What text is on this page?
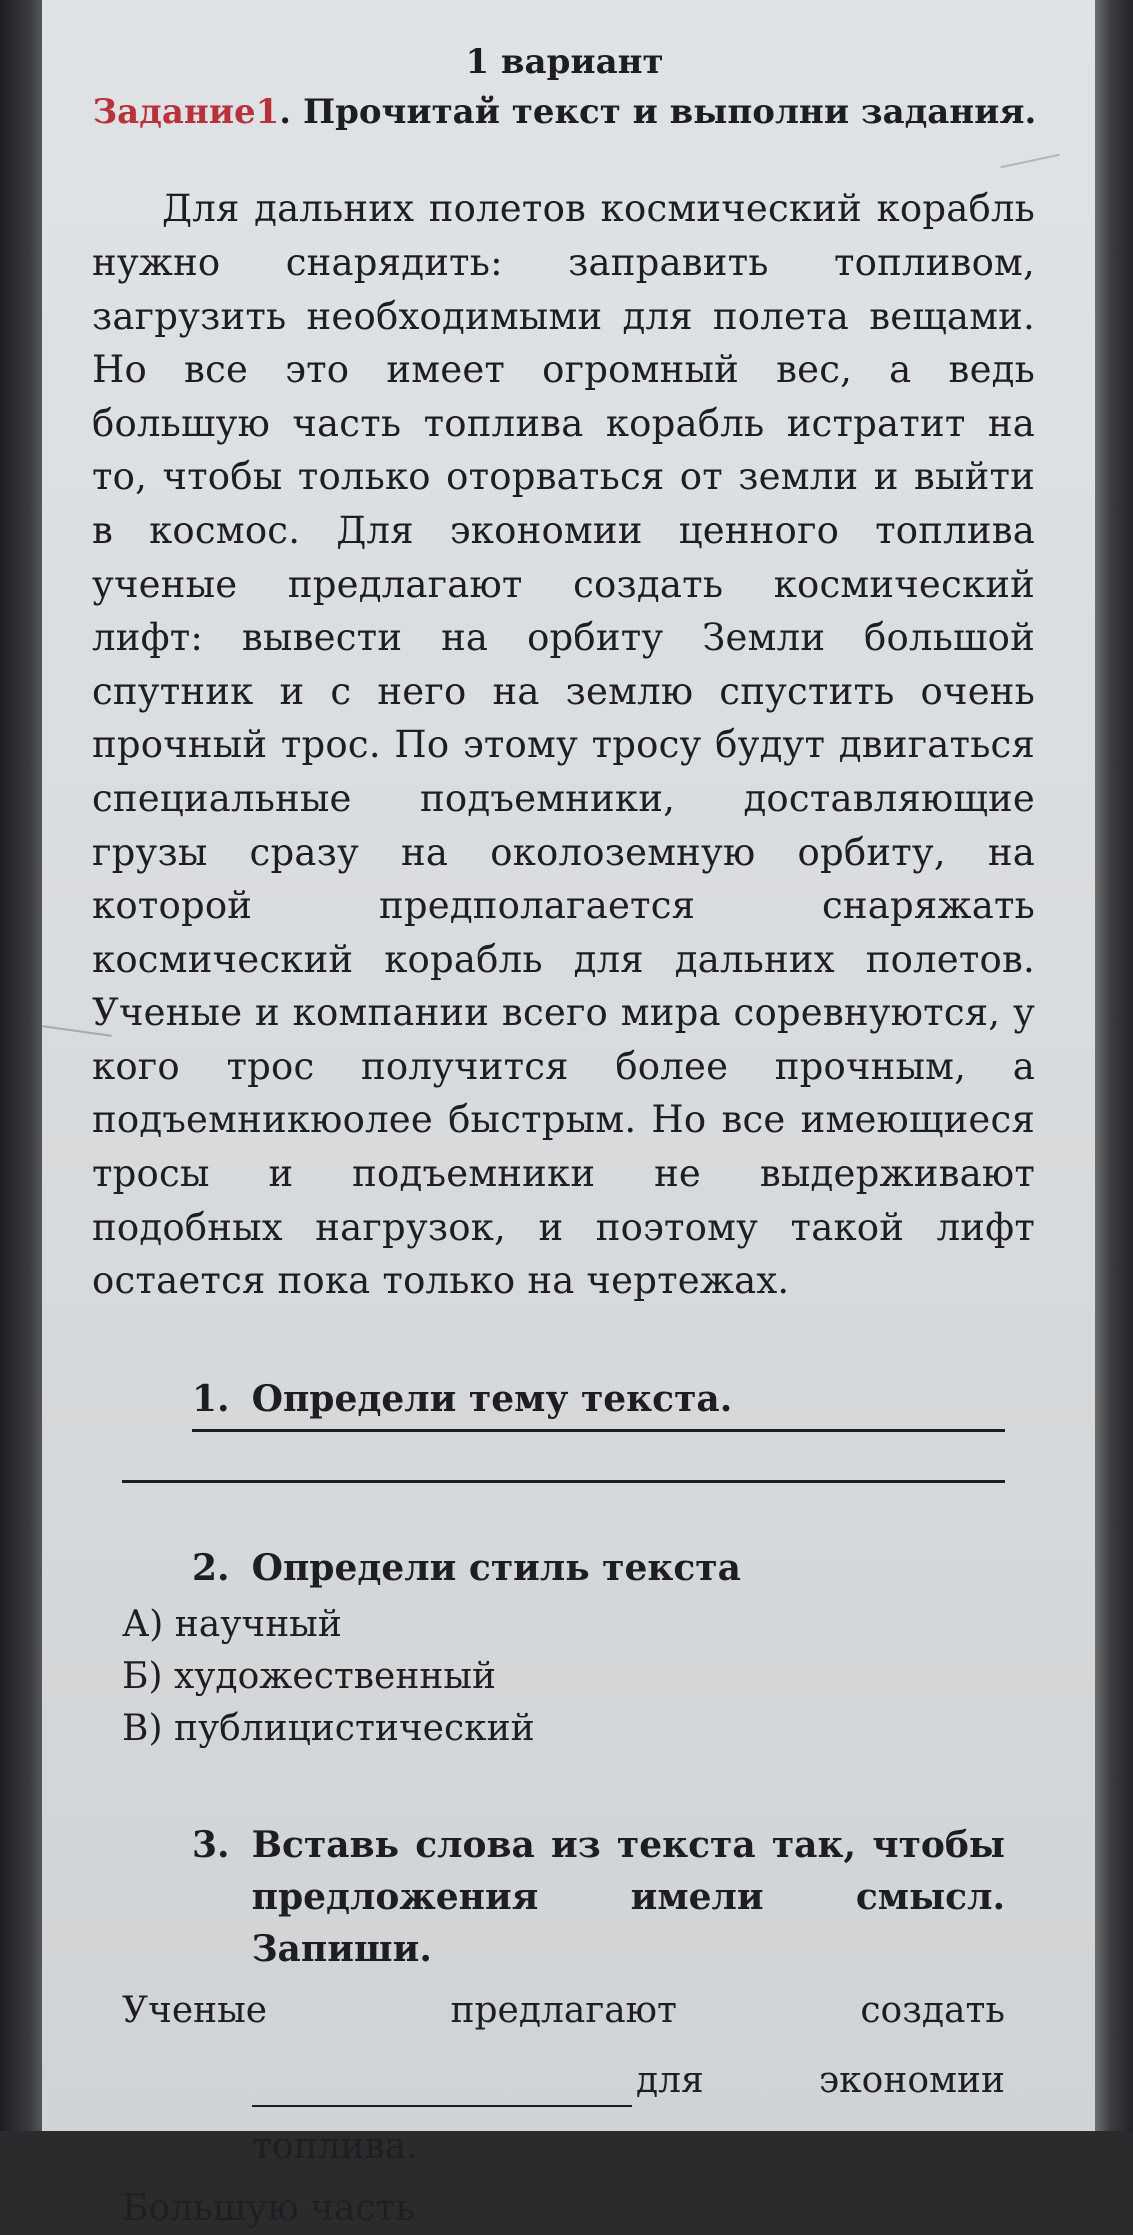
1 вариант
Задание1. Прочитай текст и выполни задания.

Для дальних полетов космический корабль нужно снарядить: заправить топливом, загрузить необходимыми для полета вещами. Но все это имеет огромный вес, а ведь большую часть топлива корабль истратит на то, чтобы только оторваться от земли и выйти в космос. Для экономии ценного топлива ученые предлагают создать космический лифт: вывести на орбиту Земли большой спутник и с него на землю спустить очень прочный трос. По этому тросу будут двигаться специальные подъемники, доставляющие грузы сразу на околоземную орбиту, на которой предполагается снаряжать космический корабль для дальних полетов. Ученые и компании всего мира соревнуются, у кого трос получится более прочным, а подъемникюолее быстрым. Но все имеющиеся тросы и подъемники не выдерживают подобных нагрузок, и поэтому такой лифт остается пока только на чертежах.

1. Определи тему текста.
2. Определи стиль текста
А) научный
Б) художественный
В) публицистический
3. Вставь слова из текста так, чтобы предложения имели смысл. Запиши.
Ученые	предлагают	создать
для	экономии
топлива.
Большую часть
